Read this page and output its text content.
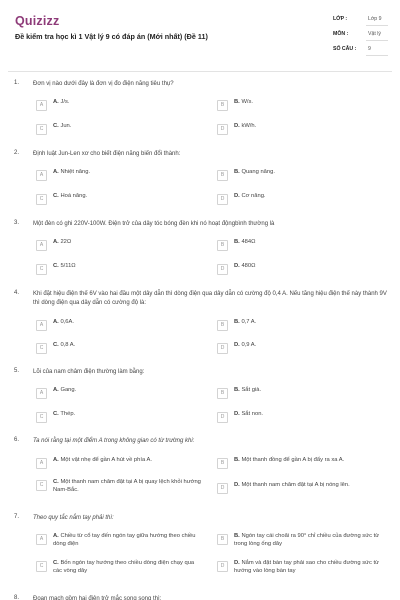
Quizizz
Đề kiểm tra học kì 1 Vật lý 9 có đáp án (Mới nhất) (Đề 11)
LỚP :	Lớp 9
MÔN :	Vật lý
SỐ CÂU : 9
1. Đơn vị nào dưới đây là đơn vị đo điện năng tiêu thụ?
A	A. J/s.	B	B. W/s.
C	C. Jun.	D	D. kW/h.
2. Định luật Jun-Len xơ cho biết điện năng biến đổi thành:
A	A. Nhiệt năng.	B	B. Quang năng.
C	C. Hoá năng.	D	D. Cơ năng.
3. Một đèn có ghi 220V-100W. Điện trở của dây tóc bóng đèn khi nó hoạt độngbình thường là
A	A. 22Ω	B	B. 484Ω
C	C. 5/11Ω	D	D. 480Ω
4. Khi đặt hiệu điện thế 6V vào hai đầu một dây dẫn thì dòng điện qua dây dẫn có cường độ 0,4 A. Nếu tăng hiệu điện thế này thành 9V thì dòng điện qua dây dẫn có cường độ là:
A	A. 0,6A.	B	B. 0,7 A.
C	C. 0,8 A.	D	D. 0,9 A.
5. Lõi của nam châm điện thường làm bằng:
A	A. Gang.	B	B. Sắt già.
C	C. Thép.	D	D. Sắt non.
6. Ta nói rằng tại một điểm A trong không gian có từ trường khi:
A	A. Một vật nhẹ để gần A hút về phía A.	B	B. Một thanh đồng để gần A bị đẩy ra xa A.
C	C. Một thanh nam châm đặt tại A bị quay lệch khỏi hướng Nam-Bắc.	D	D. Một thanh nam châm đặt tại A bị nóng lên.
7. Theo quy tắc nắm tay phải thì:
A	A. Chiều từ cổ tay đến ngón tay giữa hướng theo chiều dòng điện
B	B. Ngón tay cái choãi ra 90° chỉ chiều của đường sức từ trong lòng ống dây
C	C. Bốn ngón tay hướng theo chiều dòng điện chạy qua các vòng dây
D	D. Nắm và đặt bàn tay phải sao cho chiều đường sức từ hướng vào lòng bàn tay
8. Đoạn mạch gồm hai điện trở mắc song song thì:
